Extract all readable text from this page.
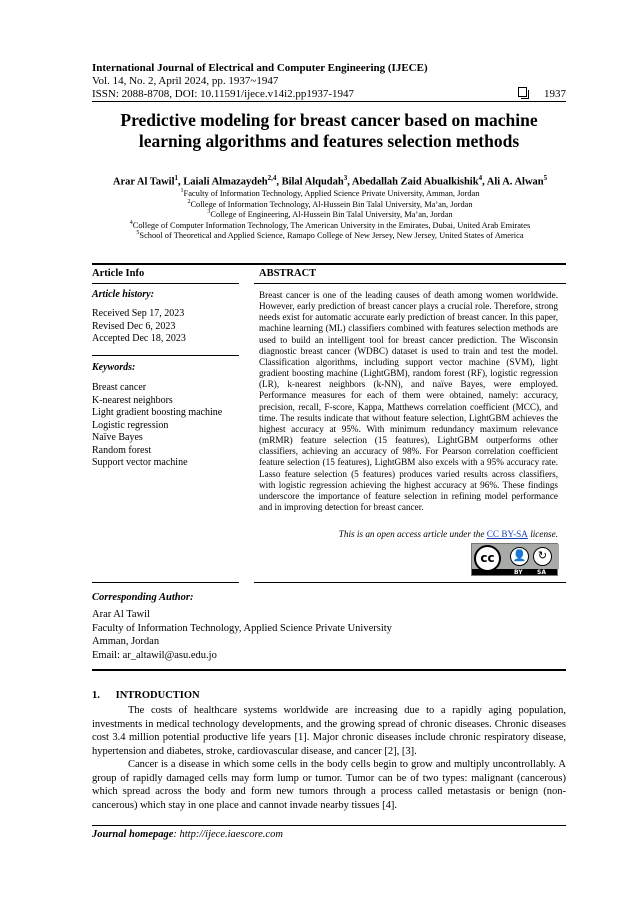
International Journal of Electrical and Computer Engineering (IJECE)
Vol. 14, No. 2, April 2024, pp. 1937~1947
ISSN: 2088-8708, DOI: 10.11591/ijece.v14i2.pp1937-1947	1937
Predictive modeling for breast cancer based on machine learning algorithms and features selection methods
Arar Al Tawil$^1$, Laiali Almazaydeh$^{2,4}$, Bilal Alqudah$^3$, Abedallah Zaid Abualkishik$^4$, Ali A. Alwan$^5$
$^1$Faculty of Information Technology, Applied Science Private University, Amman, Jordan
$^2$College of Information Technology, Al-Hussein Bin Talal University, Ma’an, Jordan
$^3$College of Engineering, Al-Hussein Bin Talal University, Ma’an, Jordan
$^4$College of Computer Information Technology, The American University in the Emirates, Dubai, United Arab Emirates
$^5$School of Theoretical and Applied Science, Ramapo College of New Jersey, New Jersey, United States of America
Article Info	ABSTRACT
Article history:
Received Sep 17, 2023
Revised Dec 6, 2023
Accepted Dec 18, 2023
Keywords:
Breast cancer
K-nearest neighbors
Light gradient boosting machine
Logistic regression
Naïve Bayes
Random forest
Support vector machine
Breast cancer is one of the leading causes of death among women worldwide. However, early prediction of breast cancer plays a crucial role. Therefore, strong needs exist for automatic accurate early prediction of breast cancer. In this paper, machine learning (ML) classifiers combined with features selection methods are used to build an intelligent tool for breast cancer prediction. The Wisconsin diagnostic breast cancer (WDBC) dataset is used to train and test the model. Classification algorithms, including support vector machine (SVM), light gradient boosting machine (LightGBM), random forest (RF), logistic regression (LR), k-nearest neighbors (k-NN), and naïve Bayes, were employed. Performance measures for each of them were obtained, namely: accuracy, precision, recall, F-score, Kappa, Matthews correlation coefficient (MCC), and time. The results indicate that without feature selection, LightGBM achieves the highest accuracy at 95%. With minimum redundancy maximum relevance (mRMR) feature selection (15 features), LightGBM outperforms other classifiers, achieving an accuracy of 98%. For Pearson correlation coefficient feature selection (15 features), LightGBM also excels with a 95% accuracy rate. Lasso feature selection (5 features) produces varied results across classifiers, with logistic regression achieving the highest accuracy at 96%. These findings underscore the importance of feature selection in refining model performance and in improving detection for breast cancer.
This is an open access article under the CC BY-SA license.
cc	👤	↻
BY SA
Corresponding Author:
Arar Al Tawil
Faculty of Information Technology, Applied Science Private University
Amman, Jordan
Email: ar_altawil@asu.edu.jo
1.      INTRODUCTION
The costs of healthcare systems worldwide are increasing due to a rapidly aging population, investments in medical technology developments, and the growing spread of chronic diseases. Chronic diseases cost 3.4 million potential productive life years [1]. Major chronic diseases include chronic respiratory disease, hypertension and diabetes, stroke, cardiovascular disease, and cancer [2], [3].
Cancer is a disease in which some cells in the body cells begin to grow and multiply uncontrollably. A group of rapidly damaged cells may form lump or tumor. Tumor can be of two types: malignant (cancerous) which spread across the body and form new tumors through a process called metastasis or benign (non-cancerous) which stay in one place and cannot invade nearby tissues [4].
Journal homepage: http://ijece.iaescore.com
